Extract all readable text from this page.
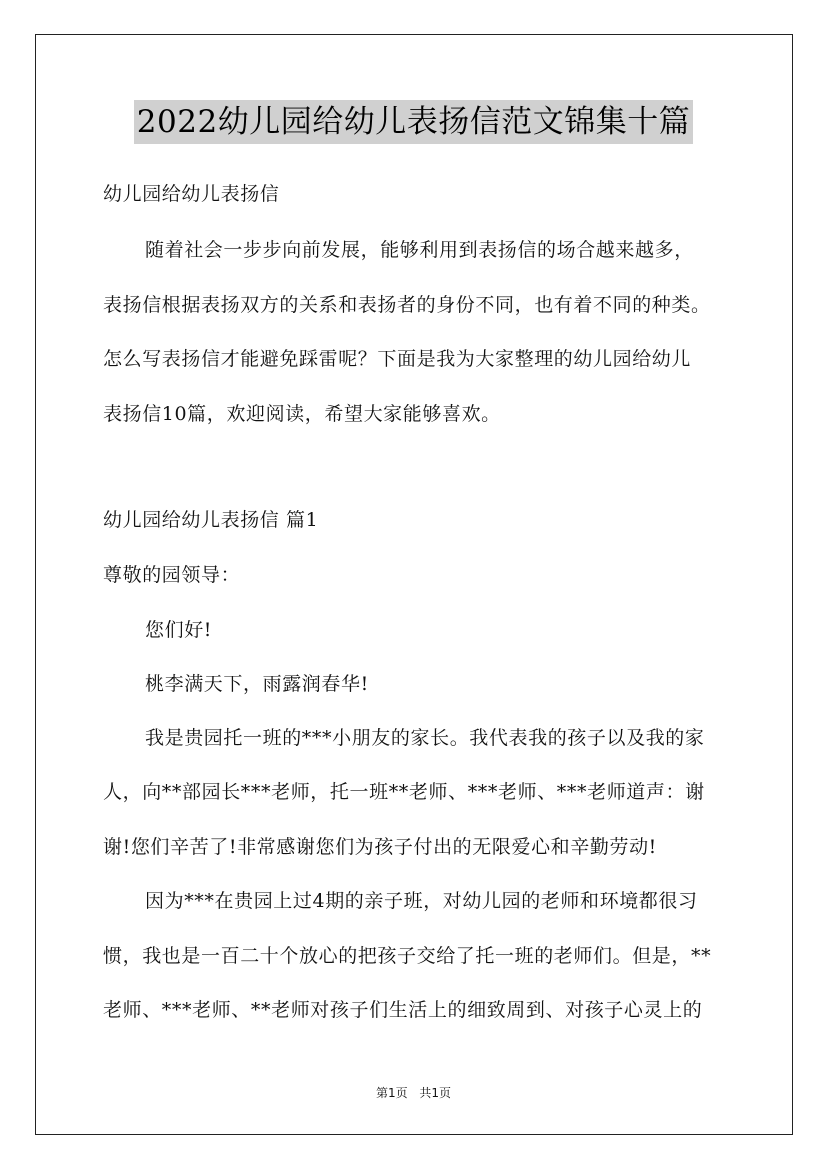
2022幼儿园给幼儿表扬信范文锦集十篇
幼儿园给幼儿表扬信
随着社会一步步向前发展，能够利用到表扬信的场合越来越多，
表扬信根据表扬双方的关系和表扬者的身份不同，也有着不同的种类。
怎么写表扬信才能避免踩雷呢？下面是我为大家整理的幼儿园给幼儿
表扬信10篇，欢迎阅读，希望大家能够喜欢。
幼儿园给幼儿表扬信 篇1
尊敬的园领导：
您们好!
桃李满天下，雨露润春华!
我是贵园托一班的***小朋友的家长。我代表我的孩子以及我的家
人，向**部园长***老师，托一班**老师、***老师、***老师道声：谢
谢!您们辛苦了!非常感谢您们为孩子付出的无限爱心和辛勤劳动!
因为***在贵园上过4期的亲子班，对幼儿园的老师和环境都很习
惯，我也是一百二十个放心的把孩子交给了托一班的老师们。但是，**
老师、***老师、**老师对孩子们生活上的细致周到、对孩子心灵上的
第1页 共1页
